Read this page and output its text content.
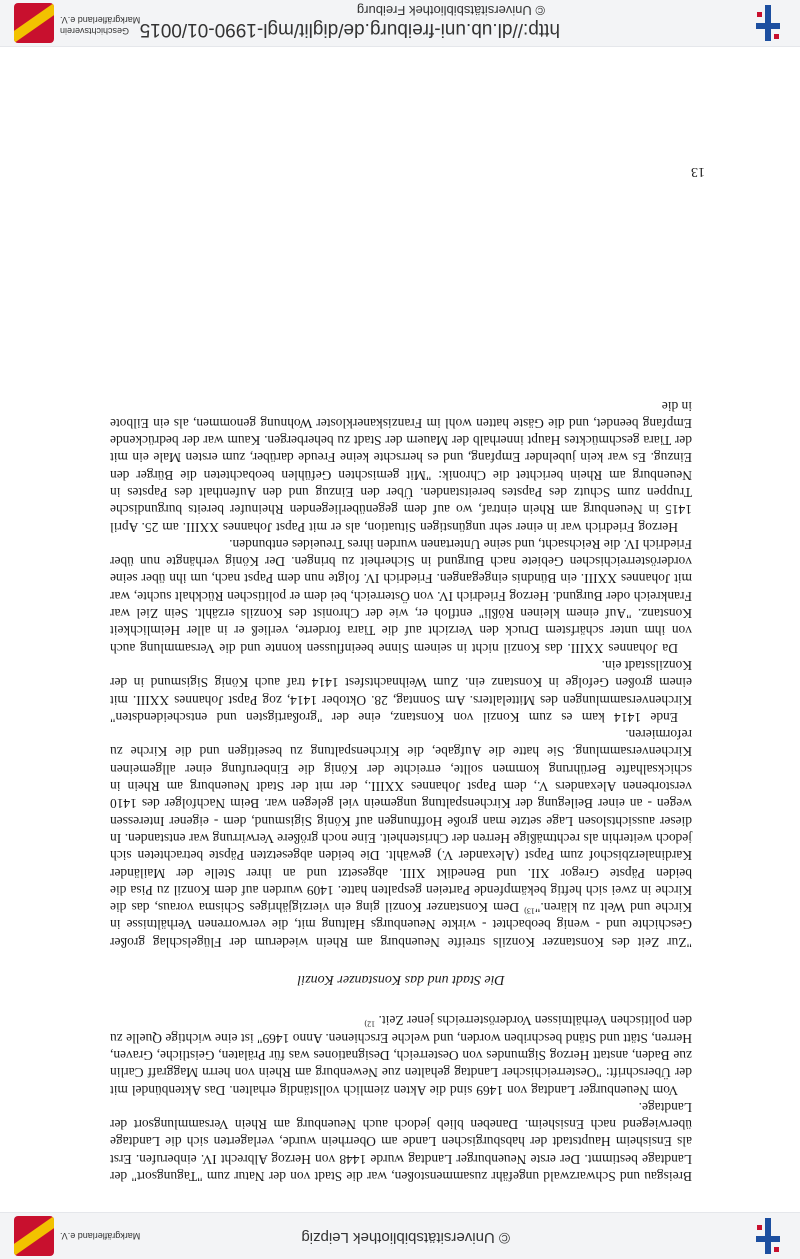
© Universitätsbibliothek Leipzig
Markgräflerland e.V.

Breisgau und Schwarzwald ungefähr zusammenstoßen, war die Stadt von der Natur zum "Tagungsort" der Landtage bestimmt. Der erste Neuenburger Landtag wurde 1448 von Herzog Albrecht IV. einberufen. Erst als Ensisheim Hauptstadt der habsburgischen Lande am Oberrhein wurde, verlagerten sich die Landtage überwiegend nach Ensisheim. Daneben blieb jedoch auch Neuenburg am Rhein Versammlungsort der Landtage.

Vom Neuenburger Landtag von 1469 sind die Akten ziemlich vollständig erhalten. Das Aktenbündel mit der Überschrift: "Oesterreichischer Landtag gehalten zue Newenburg am Rhein von herrn Maggraff Carlin zue Baden, anstatt Herzog Sigmundes von Oesterreich, Designationes was für Prälaten, Geistliche, Graven, Herren, Stätt und Ständ beschriben worden, und welche Erschienen. Anno 1469" ist eine wichtige Quelle zu den politischen Verhältnissen Vorderösterreichs jener Zeit. $^{12)}$

Die Stadt und das Konstanzer Konzil

"Zur Zeit des Konstanzer Konzils streifte Neuenburg am Rhein wiederum der Flügelschlag großer Geschichte und - wenig beobachtet - wirkte Neuenburgs Haltung mit, die verworrenen Verhältnisse in Kirche und Welt zu klären."$^{13)}$ Dem Konstanzer Konzil ging ein vierzigjähriges Schisma voraus, das die Kirche in zwei sich heftig bekämpfende Parteien gespalten hatte. 1409 wurden auf dem Konzil zu Pisa die beiden Päpste Gregor XII. und Benedikt XIII. abgesetzt und an ihrer Stelle der Mailänder Kardinalerzbischof zum Papst (Alexander V.) gewählt. Die beiden abgesetzten Päpste betrachteten sich jedoch weiterhin als rechtmäßige Herren der Christenheit. Eine noch größere Verwirrung war entstanden. In dieser aussichtslosen Lage setzte man große Hoffnungen auf König Sigismund, dem - eigener Interessen wegen - an einer Beilegung der Kirchenspaltung ungemein viel gelegen war. Beim Nachfolger des 1410 verstorbenen Alexanders V., dem Papst Johannes XXIII., der mit der Stadt Neuenburg am Rhein in schicksalhafte Berührung kommen sollte, erreichte der König die Einberufung einer allgemeinen Kirchenversammlung. Sie hatte die Aufgabe, die Kirchenspaltung zu beseitigen und die Kirche zu reformieren.

Ende 1414 kam es zum Konzil von Konstanz, eine der "großartigsten und entscheidendsten" Kirchenversammlungen des Mittelalters. Am Sonntag, 28. Oktober 1414, zog Papst Johannes XXIII. mit einem großen Gefolge in Konstanz ein. Zum Weihnachtsfest 1414 traf auch König Sigismund in der Konzilsstadt ein.

Da Johannes XXIII. das Konzil nicht in seinem Sinne beeinflussen konnte und die Versammlung auch von ihm unter schärfstem Druck den Verzicht auf die Tiara forderte, verließ er in aller Heimlichkeit Konstanz. "Auf einem kleinen Rößli" entfloh er, wie der Chronist des Konzils erzählt. Sein Ziel war Frankreich oder Burgund. Herzog Friedrich IV. von Österreich, bei dem er politischen Rückhalt suchte, war mit Johannes XXIII. ein Bündnis eingegangen. Friedrich IV. folgte nun dem Papst nach, um ihn über seine vorderösterreichischen Gebiete nach Burgund in Sicherheit zu bringen. Der König verhängte nun über Friedrich IV. die Reichsacht, und seine Untertanen wurden ihres Treueides entbunden.

Herzog Friedrich war in einer sehr ungünstigen Situation, als er mit Papst Johannes XXIII. am 25. April 1415 in Neuenburg am Rhein eintraf, wo auf dem gegenüberliegenden Rheinufer bereits burgundische Truppen zum Schutz des Papstes bereitstanden. Über den Einzug und den Aufenthalt des Papstes in Neuenburg am Rhein berichtet die Chronik: "Mit gemischten Gefühlen beobachteten die Bürger den Einzug. Es war kein jubelnder Empfang, und es herrschte keine Freude darüber, zum ersten Male ein mit der Tiara geschmücktes Haupt innerhalb der Mauern der Stadt zu beherbergen. Kaum war der bedrückende Empfang beendet, und die Gäste hatten wohl im Franziskanerkloster Wohnung genommen, als ein Eilbote in die

13
http://dl.ub.uni-freiburg.de/diglit/mgl-1990-01/0015
© Universitätsbibliothek Freiburg
Geschichtsverein
Markgräflerland e.V.
